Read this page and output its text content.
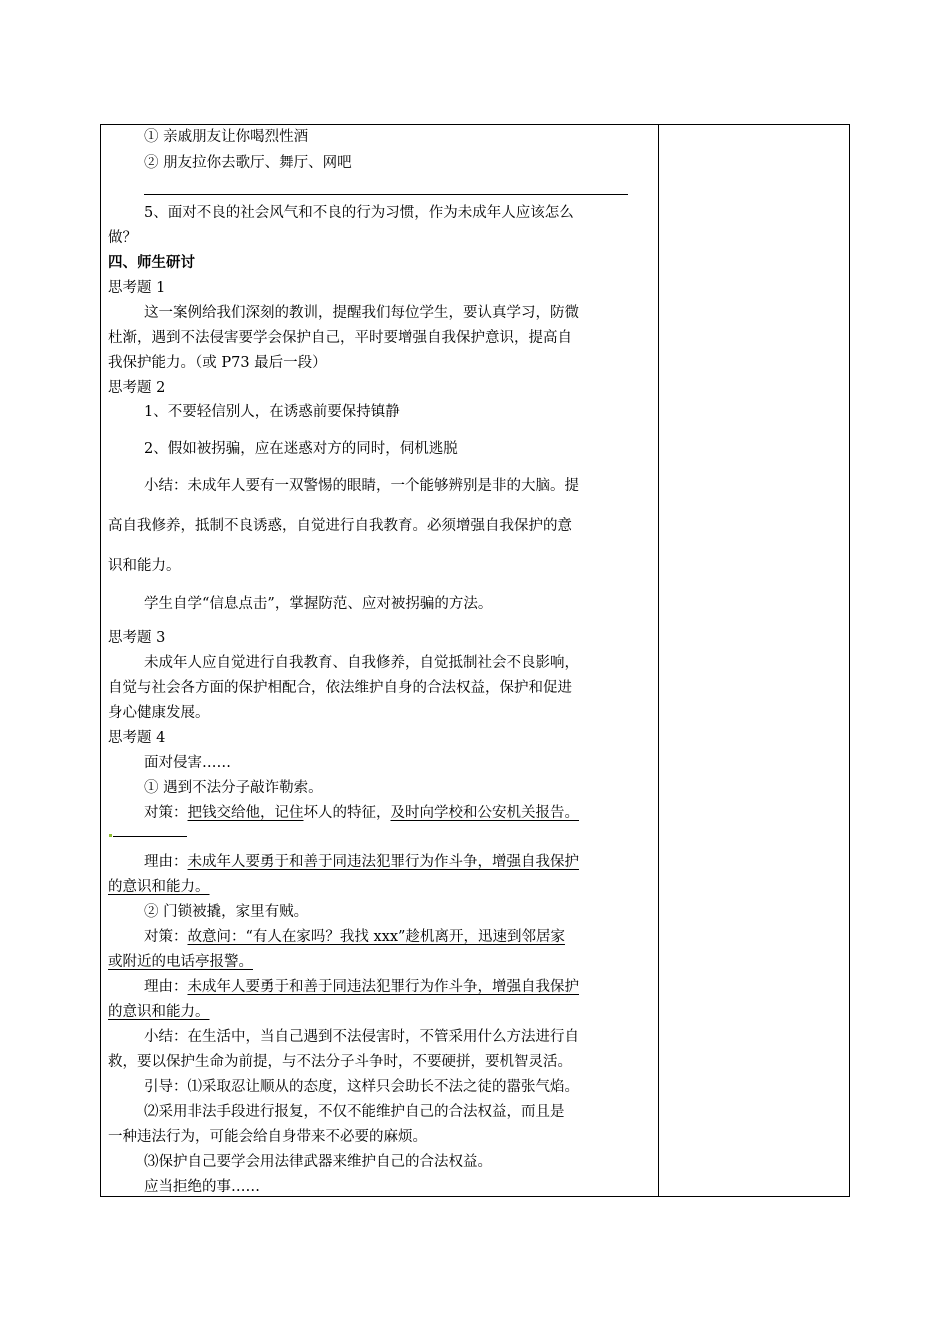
① 亲戚朋友让你喝烈性酒
② 朋友拉你去歌厅、舞厅、网吧
5、面对不良的社会风气和不良的行为习惯，作为未成年人应该怎么
做？
四、师生研讨
思考题 1
这一案例给我们深刻的教训，提醒我们每位学生，要认真学习，防微
杜渐，遇到不法侵害要学会保护自己，平时要增强自我保护意识，提高自
我保护能力。（或 P73 最后一段）
思考题 2
1、不要轻信别人，在诱惑前要保持镇静
2、假如被拐骗，应在迷惑对方的同时，伺机逃脱
小结：未成年人要有一双警惕的眼睛，一个能够辨别是非的大脑。提
高自我修养，抵制不良诱惑，自觉进行自我教育。必须增强自我保护的意
识和能力。
学生自学“信息点击”，掌握防范、应对被拐骗的方法。
思考题 3
未成年人应自觉进行自我教育、自我修养，自觉抵制社会不良影响，
自觉与社会各方面的保护相配合，依法维护自身的合法权益，保护和促进
身心健康发展。
思考题 4
面对侵害……
① 遇到不法分子敲诈勒索。
对策：把钱交给他，记住坏人的特征，及时向学校和公安机关报告。
理由：未成年人要勇于和善于同违法犯罪行为作斗争，增强自我保护
的意识和能力。
② 门锁被撬，家里有贼。
对策：故意问：“有人在家吗？我找 xxx”趁机离开，迅速到邻居家
或附近的电话亭报警。
理由：未成年人要勇于和善于同违法犯罪行为作斗争，增强自我保护
的意识和能力。
小结：在生活中，当自己遇到不法侵害时，不管采用什么方法进行自
救，要以保护生命为前提，与不法分子斗争时，不要硬拼，要机智灵活。
引导：⑴采取忍让顺从的态度，这样只会助长不法之徒的嚣张气焰。
⑵采用非法手段进行报复，不仅不能维护自己的合法权益，而且是
一种违法行为，可能会给自身带来不必要的麻烦。
⑶保护自己要学会用法律武器来维护自己的合法权益。
应当拒绝的事……
